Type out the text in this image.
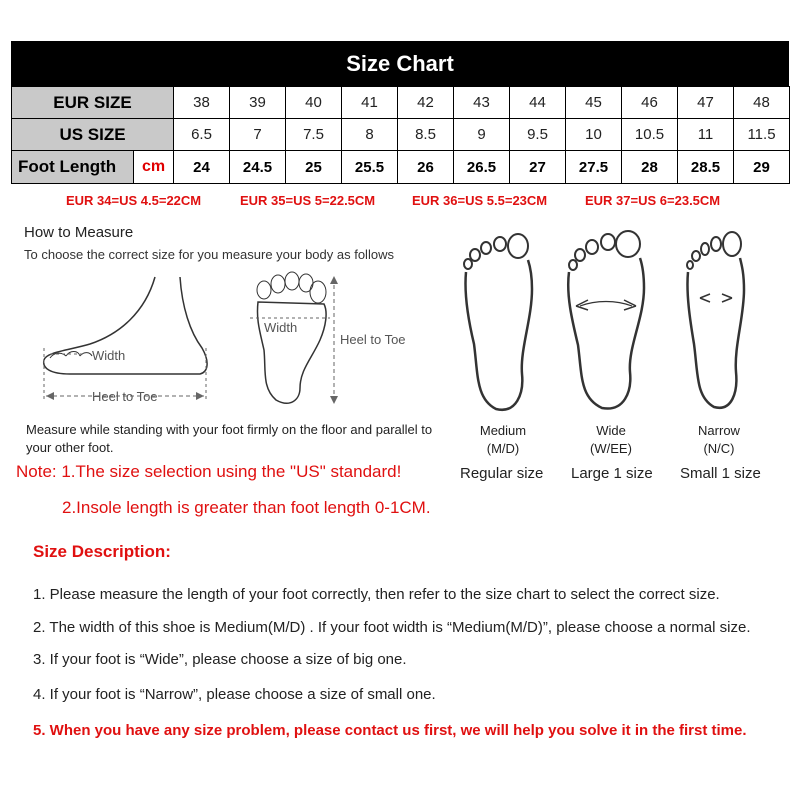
Size Chart
EUR SIZE	38	39	40	41	42	43	44	45	46	47	48
US SIZE	6.5	7	7.5	8	8.5	9	9.5	10	10.5	11	11.5

Foot Length cm	24	24.5	25	25.5	26	26.5	27	27.5	28	28.5	29
EUR 34=US 4.5=22CM	EUR 35=US 5=22.5CM	EUR 36=US 5.5=23CM	EUR 37=US 6=23.5CM
How to Measure
To choose the correct size for you measure your body as follows
Width
Heel to Toe
Width
Heel to Toe
Measure while standing with your foot firmly on the floor and parallel to your other foot.
Medium
(M/D)
Wide
(W/EE)
Narrow
(N/C)
Note: 1.The size selection using the "US" standard!	Regular size Large 1 size Small 1 size
2.Insole length is greater than foot length 0-1CM.
Size Description:
1. Please measure the length of your foot correctly, then refer to the size chart to select the correct size.
2. The width of this shoe is Medium(M/D) . If your foot width is “Medium(M/D)”, please choose a normal size.
3. If your foot is “Wide”, please choose a size of big one.
4. If your foot is “Narrow”, please choose a size of small one.
5. When you have any size problem, please contact us first, we will help you solve it in the first time.
